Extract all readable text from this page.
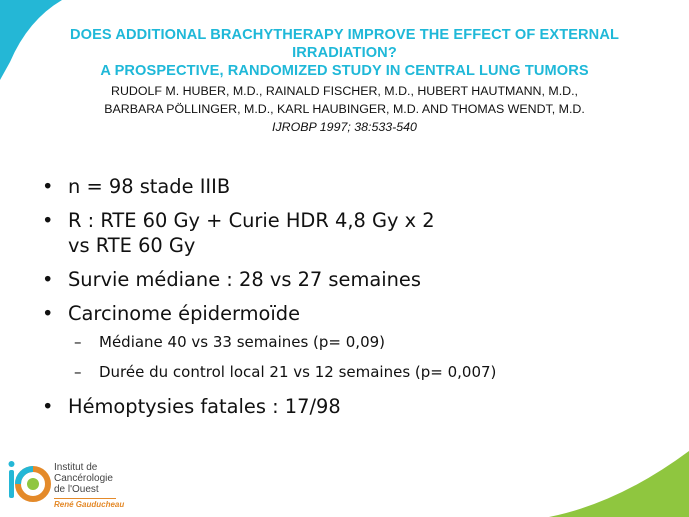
DOES ADDITIONAL BRACHYTHERAPY IMPROVE THE EFFECT OF EXTERNAL
IRRADIATION?
A PROSPECTIVE, RANDOMIZED STUDY IN CENTRAL LUNG TUMORS
RUDOLF M. HUBER, M.D., RAINALD FISCHER, M.D., HUBERT HAUTMANN, M.D.,
BARBARA PÖLLINGER, M.D., KARL HAUBINGER, M.D. AND THOMAS WENDT, M.D.
IJROBP 1997; 38:533-540
• n = 98 stade IIIB
• R : RTE 60 Gy + Curie HDR 4,8 Gy x 2
vs RTE 60 Gy
• Survie médiane : 28 vs 27 semaines
• Carcinome épidermoïde
– Médiane 40 vs 33 semaines (p= 0,09)
– Durée du control local 21 vs 12 semaines (p= 0,007)
• Hémoptysies fatales : 17/98
Institut de
Cancérologie
de l'Ouest
René Gauducheau
